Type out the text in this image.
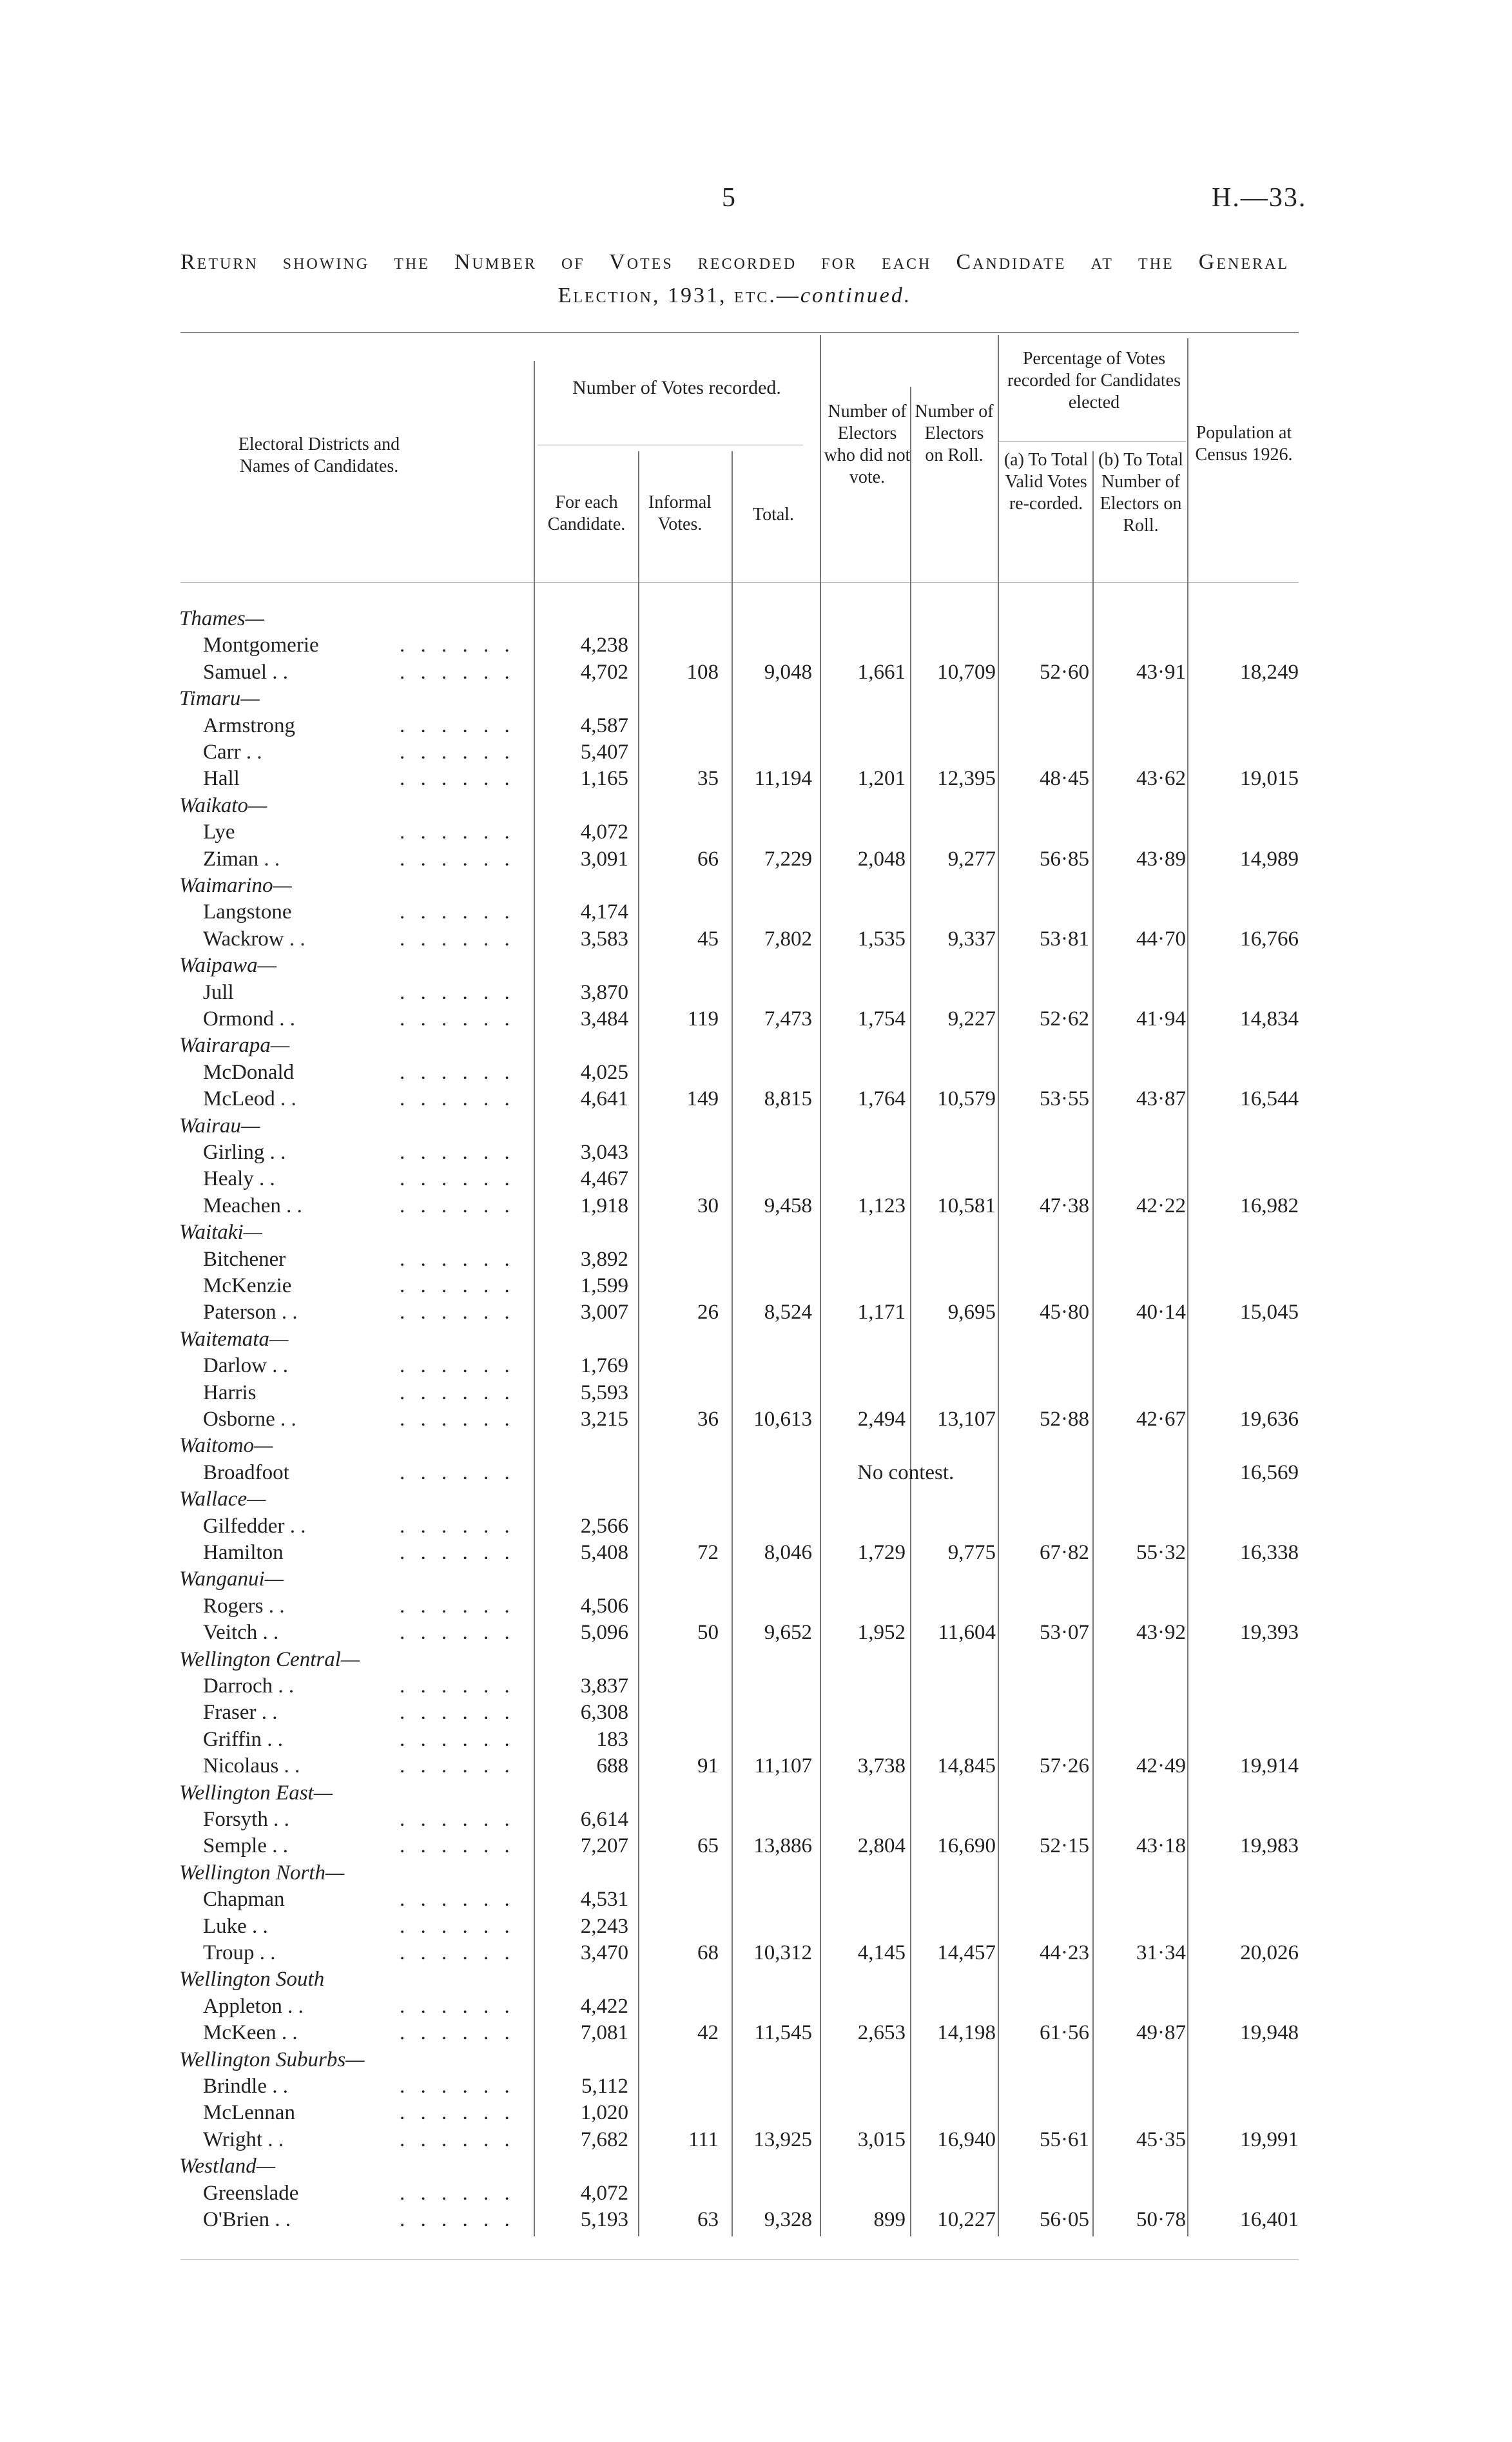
5	H.—33.
Return showing the Number of Votes recorded for each Candidate at the General
Election, 1931, etc.—continued.
Electoral Districts and Names of Candidates.
Number of Votes recorded.
For each Candidate.
Informal Votes.	Total.
Number of Electors who did not vote.
Number of Electors on Roll.
Percentage of Votes recorded for Candidates elected
(a) To Total Valid Votes re-corded.
(b) To Total Number of Electors on Roll.
Population at Census 1926.
Thames—
Montgomerie	. . . . . .	4,238
Samuel . .	. . . . . .	4,702	108	9,048	1,661	10,709	52·60	43·91	18,249
Timaru—
Armstrong	. . . . . .	4,587
Carr . .	. . . . . .	5,407
Hall	. . . . . .	1,165	35	11,194	1,201	12,395	48·45	43·62	19,015
Waikato—
Lye	. . . . . .	4,072
Ziman . .	. . . . . .	3,091	66	7,229	2,048	9,277	56·85	43·89	14,989
Waimarino—
Langstone	. . . . . .	4,174
Wackrow . .	. . . . . .	3,583	45	7,802	1,535	9,337	53·81	44·70	16,766
Waipawa—
Jull	. . . . . .	3,870
Ormond . .	. . . . . .	3,484	119	7,473	1,754	9,227	52·62	41·94	14,834
Wairarapa—
McDonald	. . . . . .	4,025
McLeod . .	. . . . . .	4,641	149	8,815	1,764	10,579	53·55	43·87	16,544
Wairau—
Girling . .	. . . . . .	3,043
Healy . .	. . . . . .	4,467
Meachen . .	. . . . . .	1,918	30	9,458	1,123	10,581	47·38	42·22	16,982
Waitaki—
Bitchener	. . . . . .	3,892
McKenzie	. . . . . .	1,599
Paterson . .	. . . . . .	3,007	26	8,524	1,171	9,695	45·80	40·14	15,045
Waitemata—
Darlow . .	. . . . . .	1,769
Harris	. . . . . .	5,593
Osborne . .	. . . . . .	3,215	36	10,613	2,494	13,107	52·88	42·67	19,636
Waitomo—
Broadfoot	. . . . . .	No contest.	16,569
Wallace—
Gilfedder . .	. . . . . .	2,566
Hamilton	. . . . . .	5,408	72	8,046	1,729	9,775	67·82	55·32	16,338
Wanganui—
Rogers . .	. . . . . .	4,506
Veitch . .	. . . . . .	5,096	50	9,652	1,952	11,604	53·07	43·92	19,393
Wellington Central—
Darroch . .	. . . . . .	3,837
Fraser . .	. . . . . .	6,308
Griffin . .	. . . . . .	183
Nicolaus . .	. . . . . .	688	91	11,107	3,738	14,845	57·26	42·49	19,914
Wellington East—
Forsyth . .	. . . . . .	6,614
Semple . .	. . . . . .	7,207	65	13,886	2,804	16,690	52·15	43·18	19,983
Wellington North—
Chapman	. . . . . .	4,531
Luke . .	. . . . . .	2,243
Troup . .	. . . . . .	3,470	68	10,312	4,145	14,457	44·23	31·34	20,026
Wellington South
Appleton . .	. . . . . .	4,422
McKeen . .	. . . . . .	7,081	42	11,545	2,653	14,198	61·56	49·87	19,948
Wellington Suburbs—
Brindle . .	. . . . . .	5,112
McLennan	. . . . . .	1,020
Wright . .	. . . . . .	7,682	111	13,925	3,015	16,940	55·61	45·35	19,991
Westland—
Greenslade	. . . . . .	4,072
O'Brien . .	. . . . . .	5,193	63	9,328	899	10,227	56·05	50·78	16,401
